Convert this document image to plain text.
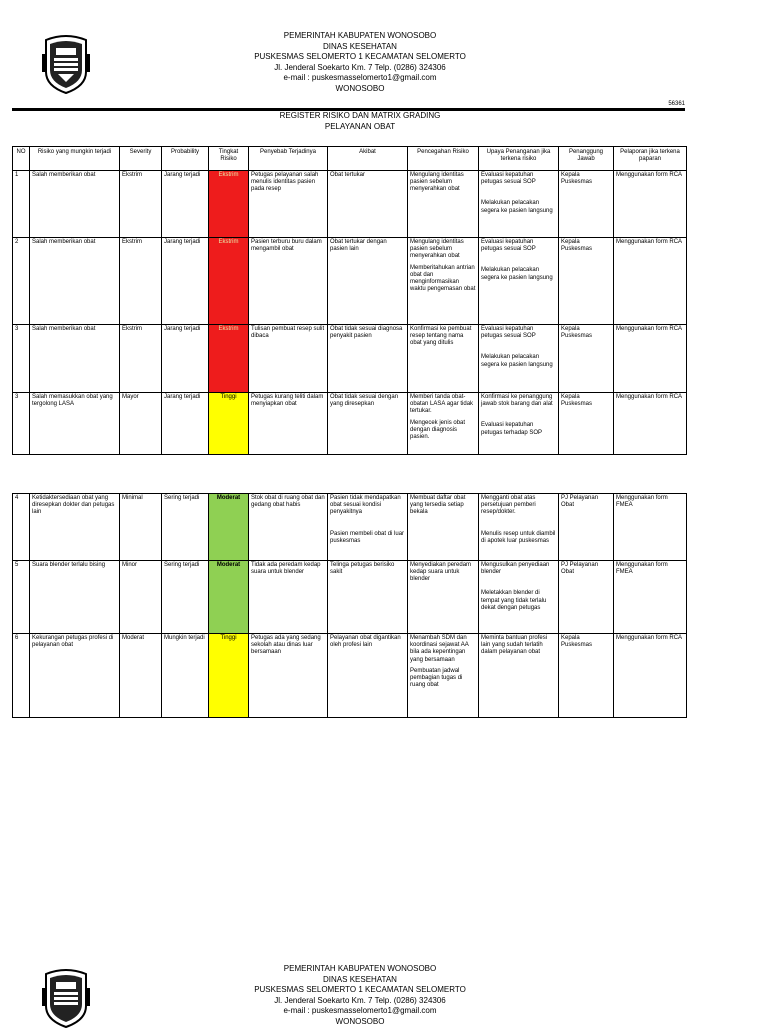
PEMERINTAH KABUPATEN WONOSOBO
DINAS KESEHATAN
PUSKESMAS SELOMERTO 1 KECAMATAN SELOMERTO
Jl. Jenderal Soekarto Km. 7 Telp. (0286) 324306
e-mail : puskesmasselomerto1@gmail.com
WONOSOBO
56361
REGISTER RISIKO DAN MATRIX GRADING
PELAYANAN OBAT
NO	Risiko yang mungkin terjadi	Severity	Probability	Tingkat Risiko	Penyebab Terjadinya	Akibat	Pencegahan Risiko	Upaya Penanganan jika terkena risiko	Penanggung Jawab	Pelaporan jika terkena paparan
1	Salah memberikan obat	Ekstrim	Jarang terjadi	Ekstrim	Petugas pelayanan salah menulis identitas pasien pada resep	Obat tertukar	Mengulang identitas pasien sebelum menyerahkan obat	Evaluasi kepatuhan petugas sesuai SOP
Melakukan pelacakan segera ke pasien langsung	Kepala Puskesmas	Menggunakan form RCA
2	Salah memberikan obat	Ekstrim	Jarang terjadi	Ekstrim	Pasien terburu buru dalam mengambil obat	Obat tertukar dengan pasien lain	Mengulang identitas pasien sebelum menyerahkan obat
Memberitahukan antrian obat dan menginformasikan waktu pengemasan obat	Evaluasi kepatuhan petugas sesuai SOP
Melakukan pelacakan segera ke pasien langsung	Kepala Puskesmas	Menggunakan form RCA
3	Salah memberikan obat	Ekstrim	Jarang terjadi	Ekstrim	Tulisan pembuat resep sulit dibaca	Obat tidak sesuai diagnosa penyakit pasien	Konfirmasi ke pembuat resep tentang nama obat yang ditulis	Evaluasi kepatuhan petugas sesuai SOP
Melakukan pelacakan segera ke pasien langsung	Kepala Puskesmas	Menggunakan form RCA
3	Salah memasukkan obat yang tergolong LASA	Mayor	Jarang terjadi	Tinggi	Petugas kurang teliti dalam menyiapkan obat	Obat tidak sesuai dengan yang diresepkan	Memberi tanda obat-obatan LASA agar tidak tertukar.
Mengecek jenis obat dengan diagnosis pasien.	Konfirmasi ke penanggung jawab stok barang dan alat
Evaluasi kepatuhan petugas terhadap SOP	Kepala Puskesmas	Menggunakan form RCA
4	Ketidaktersediaan obat yang diresepkan dokter dan petugas lain	Minimal	Sering terjadi	Moderat	Stok obat di ruang obat dan gedang obat habis	Pasien tidak mendapatkan obat sesuai kondisi penyakitnya
Pasien membeli obat di luar puskesmas	Membuat daftar obat yang tersedia setiap bekala	Mengganti obat atas persetujuan pemberi resep/dokter.
Menulis resep untuk diambil di apotek luar puskesmas	PJ Pelayanan Obat	Menggunakan form FMEA
5	Suara blender terlalu bising	Minor	Sering terjadi	Moderat	Tidak ada peredam kedap suara untuk blender	Telinga petugas berisiko sakit	Menyediakan peredam kedap suara untuk blender	Mengusulkan penyediaan blender
Meletakkan blender di tempat yang tidak terlalu dekat dengan petugas	PJ Pelayanan Obat	Menggunakan form FMEA
6	Kekurangan petugas profesi di pelayanan obat	Moderat	Mungkin terjadi	Tinggi	Petugas ada yang sedang sekolah atau dinas luar bersamaan	Pelayanan obat digantikan oleh profesi lain	Menambah SDM dan koordinasi sejawat AA bila ada kepentingan yang bersamaan
Pembuatan jadwal pembagian tugas di ruang obat	Meminta bantuan profesi lain yang sudah terlatih dalam pelayanan obat	Kepala Puskesmas	Menggunakan form RCA
PEMERINTAH KABUPATEN WONOSOBO
DINAS KESEHATAN
PUSKESMAS SELOMERTO 1 KECAMATAN SELOMERTO
Jl. Jenderal Soekarto Km. 7 Telp. (0286) 324306
e-mail : puskesmasselomerto1@gmail.com
WONOSOBO
